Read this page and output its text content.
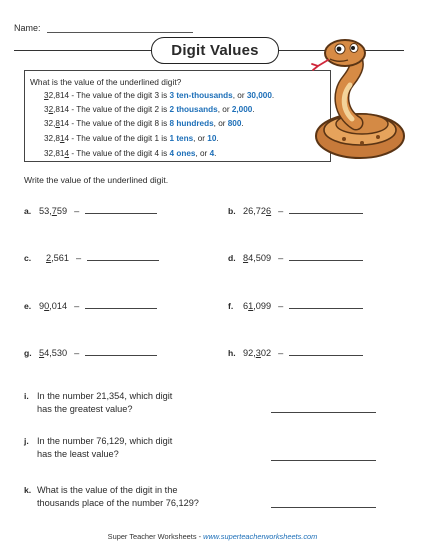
Name:
Digit Values
What is the value of the underlined digit?
32,814 - The value of the digit 3 is 3 ten-thousands, or 30,000.
32,814 - The value of the digit 2 is 2 thousands, or 2,000.
32,814 - The value of the digit 8 is 8 hundreds, or 800.
32,814 - The value of the digit 1 is 1 tens, or 10.
32,814 - The value of the digit 4 is 4 ones, or 4.
Write the value of the underlined digit.
a. 53,759 –	b. 26,726 –
c.	2,561 –	d. 84,509 –
e. 90,014 –	f.	61,099 –
g. 54,530 –	h. 92,302 –
i. In the number 21,354, which digit
has the greatest value?
j. In the number 76,129, which digit
has the least value?
k. What is the value of the digit in the
thousands place of the number 76,129?
Super Teacher Worksheets - www.superteacherworksheets.com
